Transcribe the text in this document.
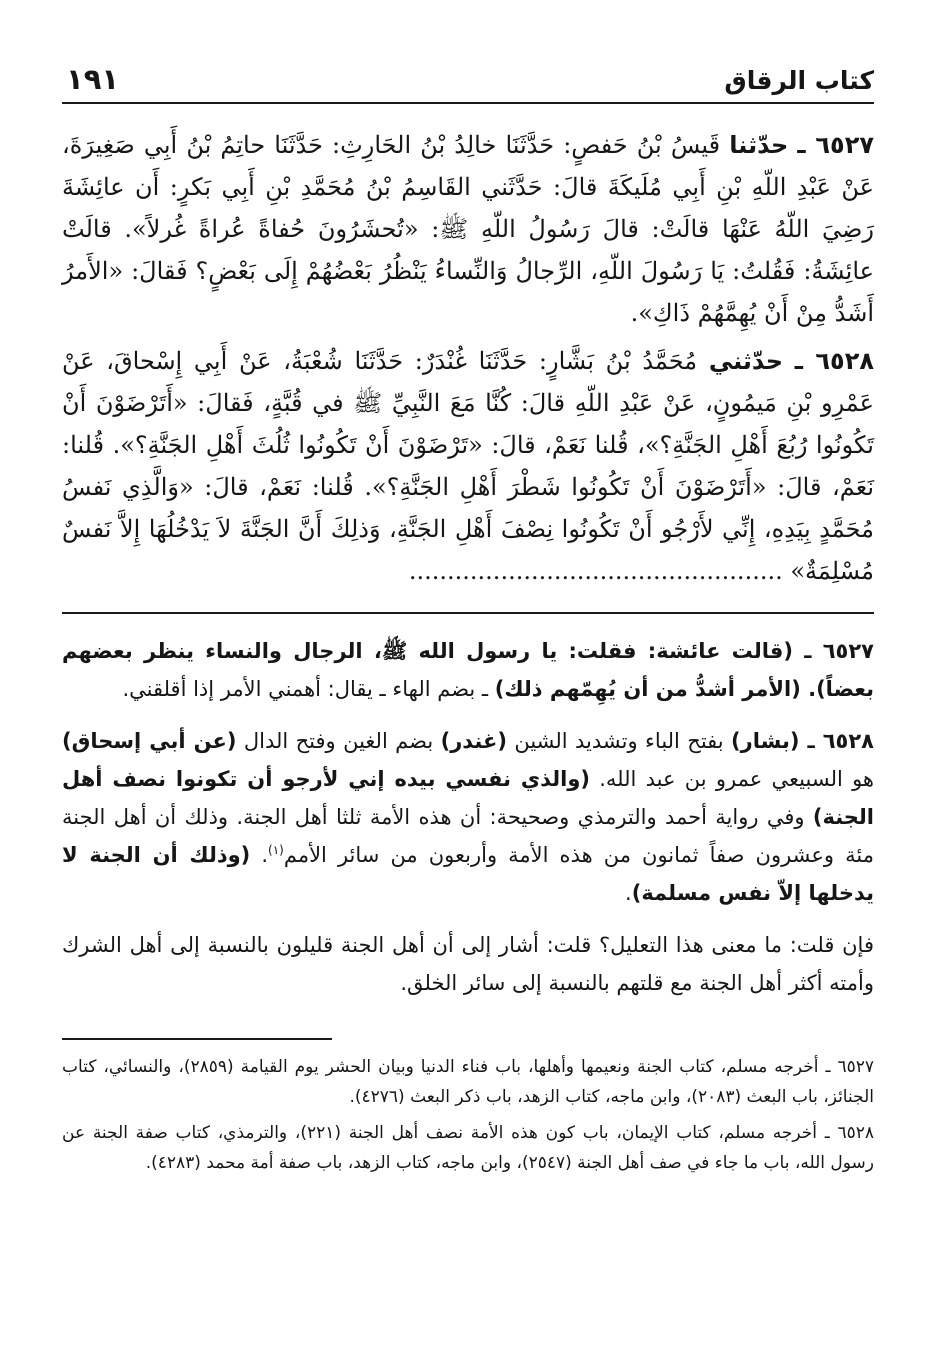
كتاب الرقاق
١٩١

٦٥٢٧ ـ حدّثنا قَيسُ بْنُ حَفصٍ: حَدَّثَنَا خالِدُ بْنُ الحَارِثِ: حَدَّثَنَا حاتِمُ بْنُ أَبِي صَغِيرَةَ، عَنْ عَبْدِ اللّهِ بْنِ أَبِي مُلَيكَةَ قالَ: حَدَّثَني القَاسِمُ بْنُ مُحَمَّدِ بْنِ أَبِي بَكرٍ: أَن عائِشَةَ رَضِيَ اللّهُ عَنْهَا قالَتْ: قالَ رَسُولُ اللّهِ ﷺ: «تُحشَرُونَ حُفاةً عُراةً غُرلاً». قالَتْ عائِشَةُ: فَقُلتُ: يَا رَسُولَ اللّهِ، الرِّجالُ وَالنِّساءُ يَنْظُرُ بَعْضُهُمْ إِلَى بَعْضٍ؟ فَقالَ: «الأَمرُ أَشَدُّ مِنْ أَنْ يُهِمَّهُمْ ذَاكِ».

٦٥٢٨ ـ حدّثني مُحَمَّدُ بْنُ بَشَّارٍ: حَدَّثَنَا غُنْدَرٌ: حَدَّثَنَا شُعْبَةُ، عَنْ أَبِي إِسْحاقَ، عَنْ عَمْرِو بْنِ مَيمُونٍ، عَنْ عَبْدِ اللّهِ قالَ: كُنَّا مَعَ النَّبِيِّ ﷺ في قُبَّةٍ، فَقالَ: «أَتَرْضَوْنَ أَنْ تَكُونُوا رُبُعَ أَهْلِ الجَنَّةِ؟»، قُلنا نَعَمْ، قالَ: «تَرْضَوْنَ أَنْ تَكُونُوا ثُلُثَ أَهْلِ الجَنَّةِ؟». قُلنا: نَعَمْ، قالَ: «أَتَرْضَوْنَ أَنْ تَكُونُوا شَطْرَ أَهْلِ الجَنَّةِ؟». قُلنا: نَعَمْ، قالَ: «وَالَّذِي نَفسُ مُحَمَّدٍ بِيَدِهِ، إِنِّي لأَرْجُو أَنْ تَكُونُوا نِصْفَ أَهْلِ الجَنَّةِ، وَذلِكَ أَنَّ الجَنَّةَ لاَ يَدْخُلُهَا إِلاَّ نَفسٌ مُسْلِمَةٌ» .................................................

٦٥٢٧ ـ (قالت عائشة: فقلت: يا رسول الله ﷺ، الرجال والنساء ينظر بعضهم بعضاً). (الأمر أشدُّ من أن يُهِمّهم ذلك) ـ بضم الهاء ـ يقال: أهمني الأمر إذا أقلقني.

٦٥٢٨ ـ (بشار) بفتح الباء وتشديد الشين (غندر) بضم الغين وفتح الدال (عن أبي إسحاق) هو السبيعي عمرو بن عبد الله. (والذي نفسي بيده إني لأرجو أن تكونوا نصف أهل الجنة) وفي رواية أحمد والترمذي وصحيحة: أن هذه الأمة ثلثا أهل الجنة. وذلك أن أهل الجنة مئة وعشرون صفاً ثمانون من هذه الأمة وأربعون من سائر الأمم$^{(١)}$. (وذلك أن الجنة لا يدخلها إلاّ نفس مسلمة).

فإن قلت: ما معنى هذا التعليل؟ قلت: أشار إلى أن أهل الجنة قليلون بالنسبة إلى أهل الشرك وأمته أكثر أهل الجنة مع قلتهم بالنسبة إلى سائر الخلق.

٦٥٢٧ ـ أخرجه مسلم، كتاب الجنة ونعيمها وأهلها، باب فناء الدنيا وبيان الحشر يوم القيامة (٢٨٥٩)، والنسائي، كتاب الجنائز، باب البعث (٢٠٨٣)، وابن ماجه، كتاب الزهد، باب ذكر البعث (٤٢٧٦).

٦٥٢٨ ـ أخرجه مسلم، كتاب الإيمان، باب كون هذه الأمة نصف أهل الجنة (٢٢١)، والترمذي، كتاب صفة الجنة عن رسول الله، باب ما جاء في صف أهل الجنة (٢٥٤٧)، وابن ماجه، كتاب الزهد، باب صفة أمة محمد (٤٢٨٣).
